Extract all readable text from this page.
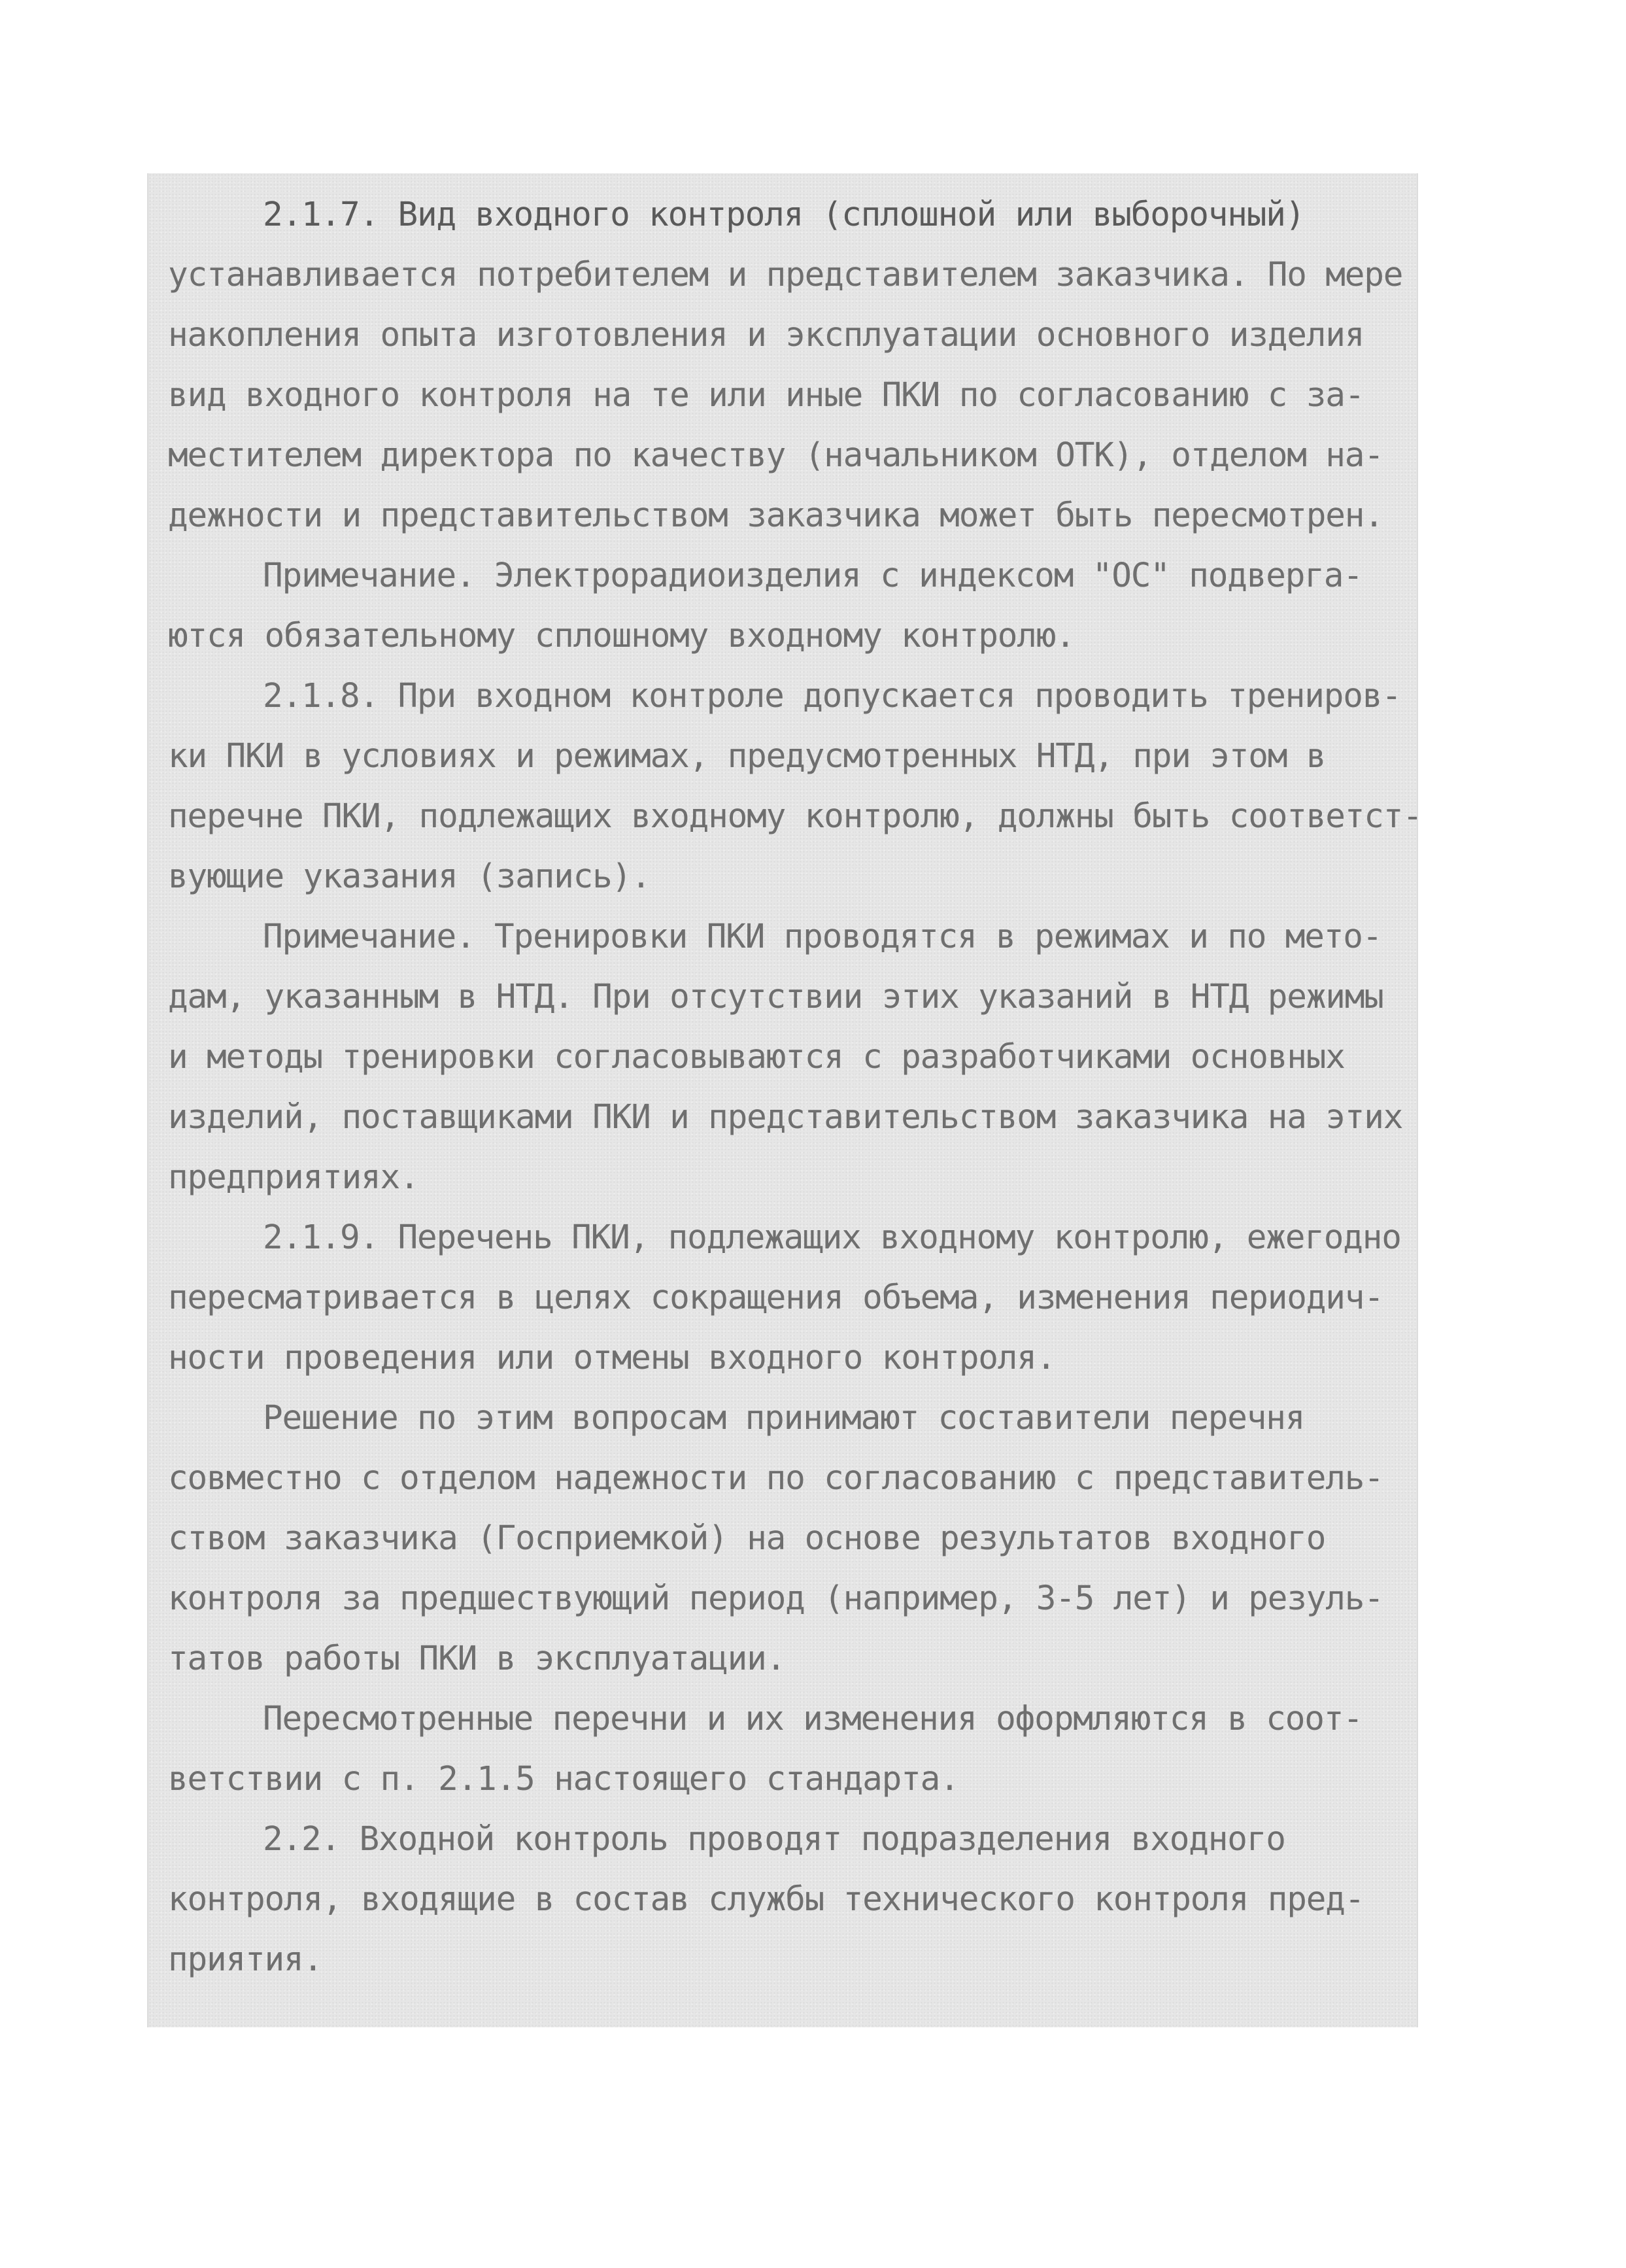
2.1.7. Вид входного контроля (сплошной или выборочный)
устанавливается потребителем и представителем заказчика. По мере
накопления опыта изготовления и эксплуатации основного изделия
вид входного контроля на те или иные ПКИ по согласованию с за-
местителем директора по качеству (начальником ОТК), отделом на-
дежности и представительством заказчика может быть пересмотрен.
Примечание. Электрорадиоизделия с индексом "ОС" подверга-
ются обязательному сплошному входному контролю.
2.1.8. При входном контроле допускается проводить трениров-
ки ПКИ в условиях и режимах, предусмотренных НТД, при этом в
перечне ПКИ, подлежащих входному контролю, должны быть соответст-
вующие указания (запись).
Примечание. Тренировки ПКИ проводятся в режимах и по мето-
дам, указанным в НТД. При отсутствии этих указаний в НТД режимы
и методы тренировки согласовываются с разработчиками основных
изделий, поставщиками ПКИ и представительством заказчика на этих
предприятиях.
2.1.9. Перечень ПКИ, подлежащих входному контролю, ежегодно
пересматривается в целях сокращения объема, изменения периодич-
ности проведения или отмены входного контроля.
Решение по этим вопросам принимают составители перечня
совместно с отделом надежности по согласованию с представитель-
ством заказчика (Госприемкой) на основе результатов входного
контроля за предшествующий период (например, 3-5 лет) и резуль-
татов работы ПКИ в эксплуатации.
Пересмотренные перечни и их изменения оформляются в соот-
ветствии с п. 2.1.5 настоящего стандарта.
2.2. Входной контроль проводят подразделения входного
контроля, входящие в состав службы технического контроля пред-
приятия.
